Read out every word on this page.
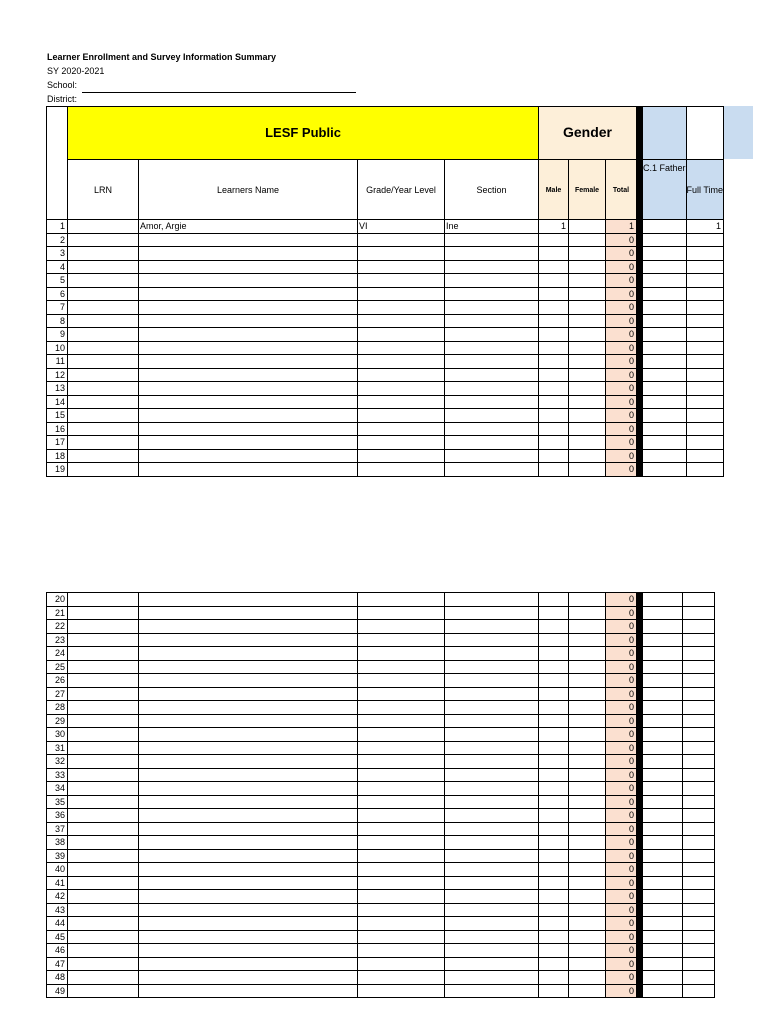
Learner Enrollment and Survey Information Summary
SY 2020-2021
School:
District:
	LESF Public				Gender					
	LRN	Learners Name	Grade/Year Level	Section	Male	Female	Total		C.1 Father	Full Time
1		Amor, Argie	VI	Ine	1		1			1
2							0			
3							0			
4							0			
5							0			
6							0			
7							0			
8							0			
9							0			
10							0			
11							0			
12							0			
13							0			
14							0			
15							0			
16							0			
17							0			
18							0			
19							0			
20							0			
21							0			
22							0			
23							0			
24							0			
25							0			
26							0			
27							0			
28							0			
29							0			
30							0			
31							0			
32							0			
33							0			
34							0			
35							0			
36							0			
37							0			
38							0			
39							0			
40							0			
41							0			
42							0			
43							0			
44							0			
45							0			
46							0			
47							0			
48							0			
49							0			
